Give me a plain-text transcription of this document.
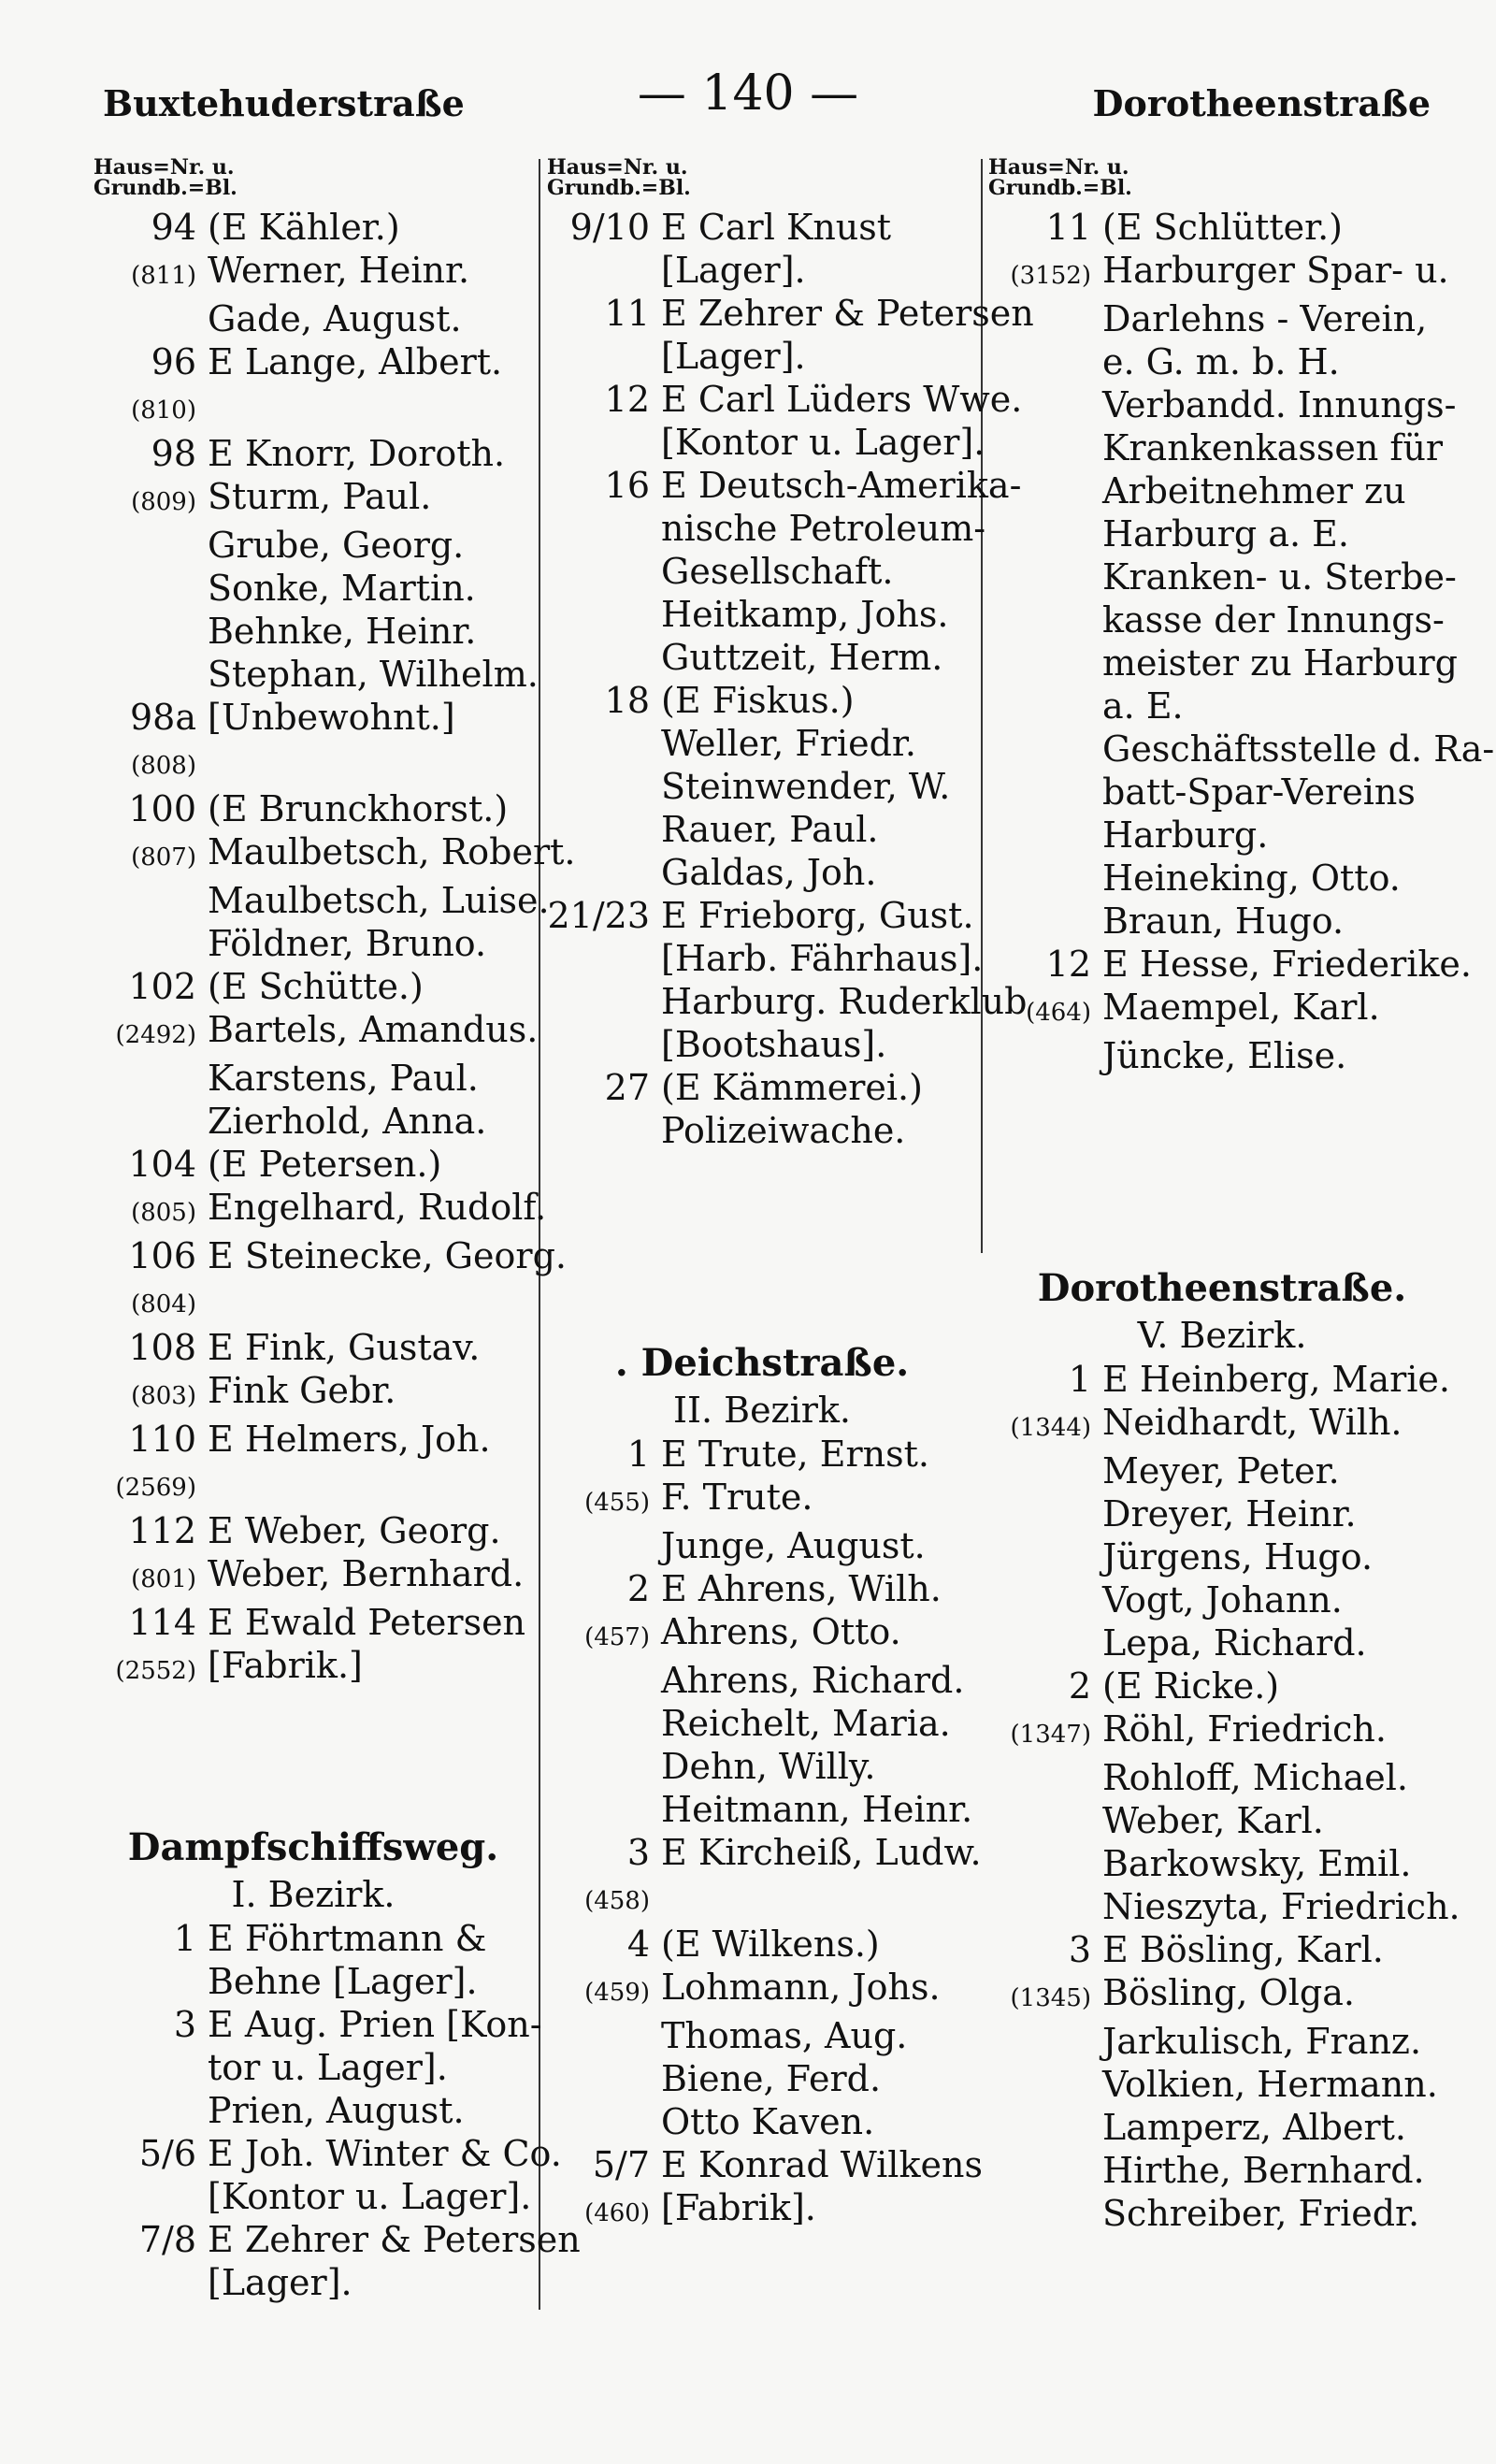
Buxtehuderstraße	— 140 —	Dorotheenstraße
Haus=Nr. u.
Grundb.=Bl.
94 (E Kähler.)
(811) Werner, Heinr.
Gade, August.
96 E Lange, Albert.
(810)
98 E Knorr, Doroth.
(809) Sturm, Paul.
Grube, Georg.
Sonke, Martin.
Behnke, Heinr.
Stephan, Wilhelm.
98a [Unbewohnt.]
(808)
100 (E Brunckhorst.)
(807) Maulbetsch, Robert.
Maulbetsch, Luise.
Földner, Bruno.
102 (E Schütte.)
(2492) Bartels, Amandus.
Karstens, Paul.
Zierhold, Anna.
104 (E Petersen.)
(805) Engelhard, Rudolf.
106 E Steinecke, Georg.
(804)
108 E Fink, Gustav.
(803) Fink Gebr.
110 E Helmers, Joh.
(2569)
112 E Weber, Georg.
(801) Weber, Bernhard.
114 E Ewald Petersen
(2552) [Fabrik.]
Dampfschiffsweg.
I. Bezirk.
1 E Föhrtmann &
Behne [Lager].
3 E Aug. Prien [Kon-
tor u. Lager].
Prien, August.
5/6 E Joh. Winter & Co.
[Kontor u. Lager].
7/8 E Zehrer & Petersen
[Lager].
Haus=Nr. u.
Grundb.=Bl.
9/10 E Carl Knust
[Lager].
11 E Zehrer & Petersen
[Lager].
12 E Carl Lüders Wwe.
[Kontor u. Lager].
16 E Deutsch-Amerika-
nische Petroleum-
Gesellschaft.
Heitkamp, Johs.
Guttzeit, Herm.
18 (E Fiskus.)
Weller, Friedr.
Steinwender, W.
Rauer, Paul.
Galdas, Joh.
21/23 E Frieborg, Gust.
[Harb. Fährhaus].
Harburg. Ruderklub
[Bootshaus].
27 (E Kämmerei.)
Polizeiwache.
. Deichstraße.
II. Bezirk.
1 E Trute, Ernst.
(455) F. Trute.
Junge, August.
2 E Ahrens, Wilh.
(457) Ahrens, Otto.
Ahrens, Richard.
Reichelt, Maria.
Dehn, Willy.
Heitmann, Heinr.
3 E Kircheiß, Ludw.
(458)
4 (E Wilkens.)
(459) Lohmann, Johs.
Thomas, Aug.
Biene, Ferd.
Otto Kaven.
5/7 E Konrad Wilkens
(460) [Fabrik].
Haus=Nr. u.
Grundb.=Bl.
11 (E Schlütter.)
(3152) Harburger Spar- u.
Darlehns - Verein,
e. G. m. b. H.
Verbandd. Innungs-
Krankenkassen für
Arbeitnehmer zu
Harburg a. E.
Kranken- u. Sterbe-
kasse der Innungs-
meister zu Harburg
a. E.
Geschäftsstelle d. Ra-
batt-Spar-Vereins
Harburg.
Heineking, Otto.
Braun, Hugo.
12 E Hesse, Friederike.
(464) Maempel, Karl.
Jüncke, Elise.
Dorotheenstraße.
V. Bezirk.
1 E Heinberg, Marie.
(1344) Neidhardt, Wilh.
Meyer, Peter.
Dreyer, Heinr.
Jürgens, Hugo.
Vogt, Johann.
Lepa, Richard.
2 (E Ricke.)
(1347) Röhl, Friedrich.
Rohloff, Michael.
Weber, Karl.
Barkowsky, Emil.
Nieszyta, Friedrich.
3 E Bösling, Karl.
(1345) Bösling, Olga.
Jarkulisch, Franz.
Volkien, Hermann.
Lamperz, Albert.
Hirthe, Bernhard.
Schreiber, Friedr.
